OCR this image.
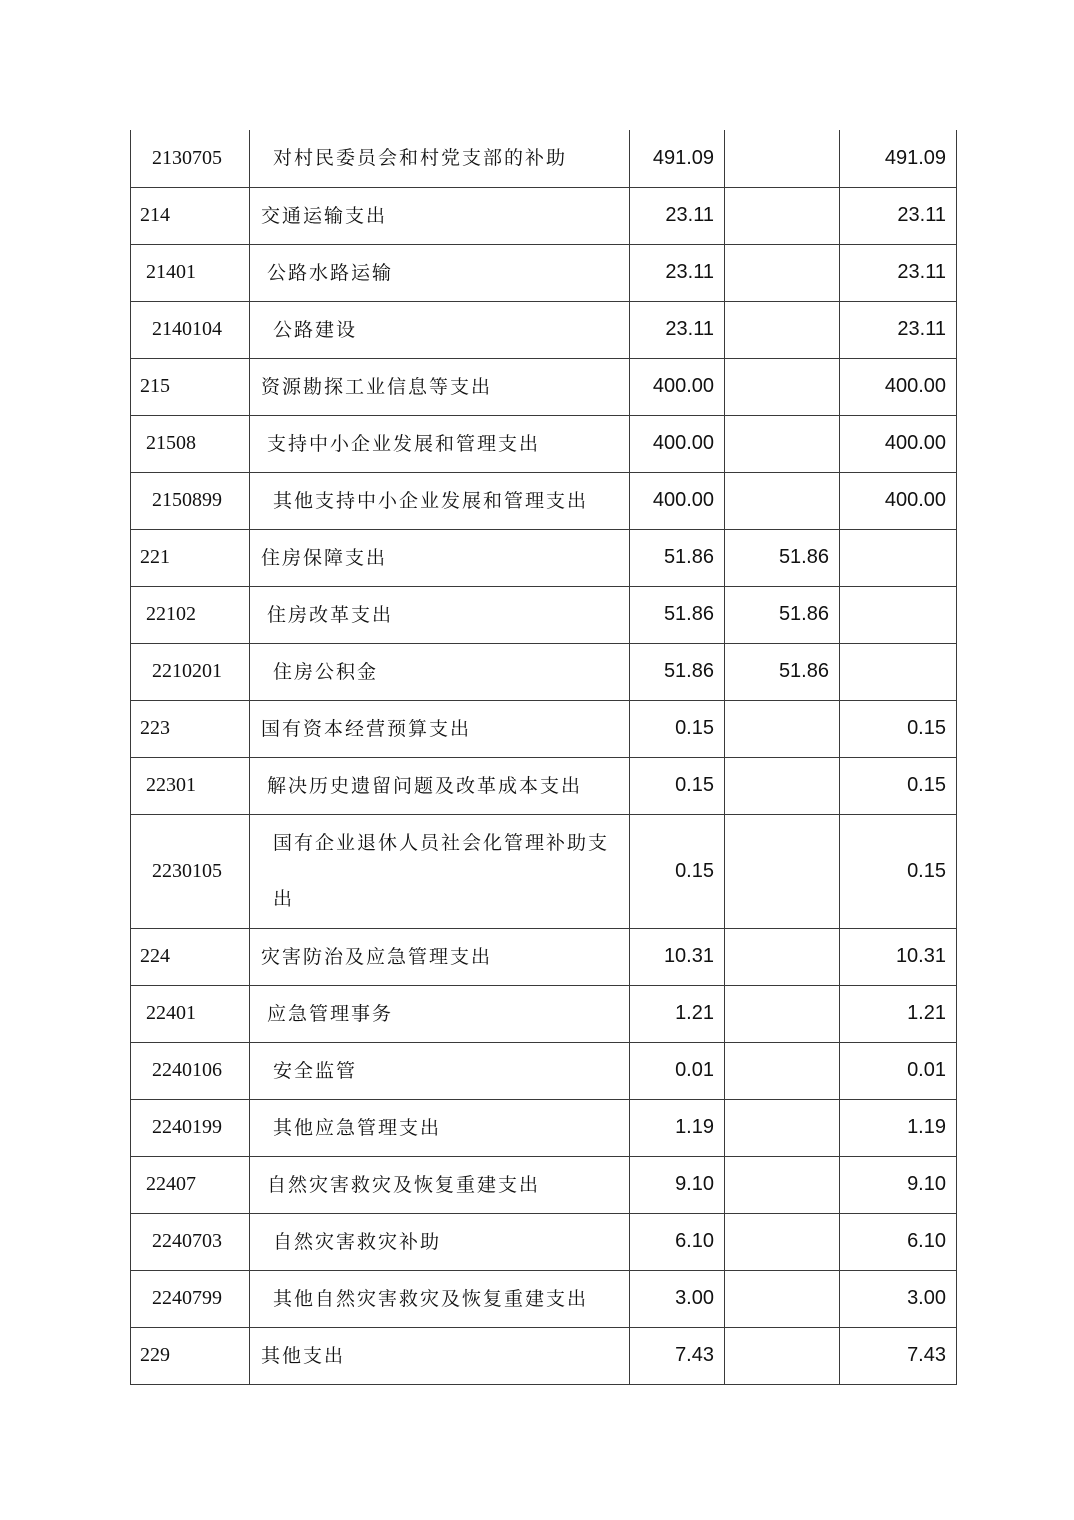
2130705	对村民委员会和村党支部的补助	491.09		491.09
214	交通运输支出	23.11		23.11
21401	公路水路运输	23.11		23.11
2140104	公路建设	23.11		23.11
215	资源勘探工业信息等支出	400.00		400.00
21508	支持中小企业发展和管理支出	400.00		400.00
2150899	其他支持中小企业发展和管理支出	400.00		400.00
221	住房保障支出	51.86	51.86	
22102	住房改革支出	51.86	51.86	
2210201	住房公积金	51.86	51.86	
223	国有资本经营预算支出	0.15		0.15
22301	解决历史遗留问题及改革成本支出	0.15		0.15
2230105	国有企业退休人员社会化管理补助支出	0.15		0.15
224	灾害防治及应急管理支出	10.31		10.31
22401	应急管理事务	1.21		1.21
2240106	安全监管	0.01		0.01
2240199	其他应急管理支出	1.19		1.19
22407	自然灾害救灾及恢复重建支出	9.10		9.10
2240703	自然灾害救灾补助	6.10		6.10
2240799	其他自然灾害救灾及恢复重建支出	3.00		3.00
229	其他支出	7.43		7.43
